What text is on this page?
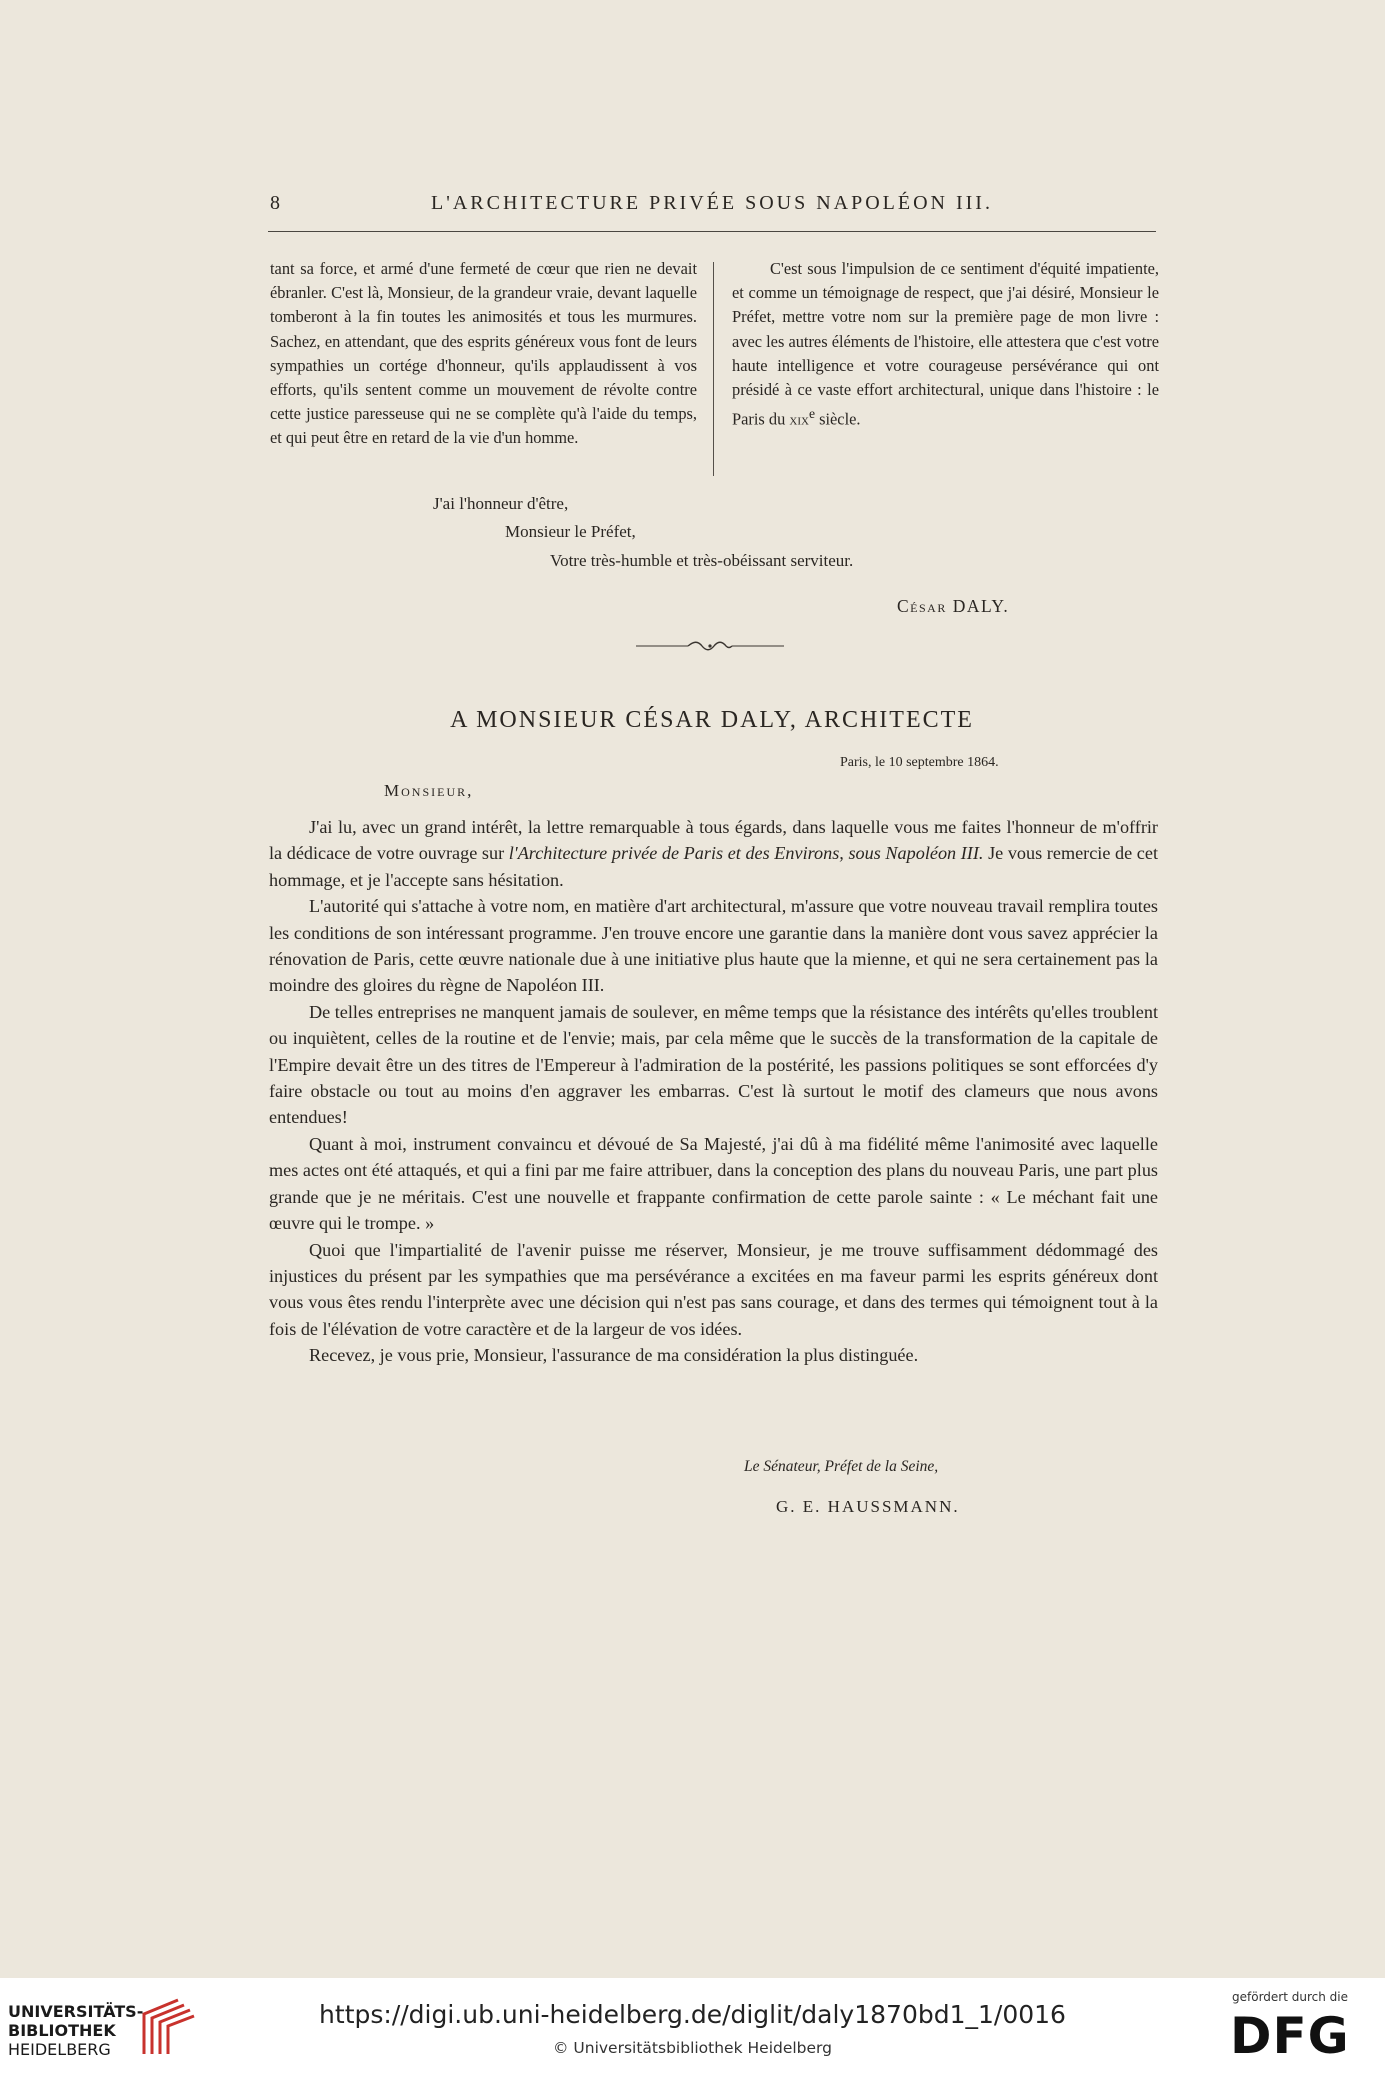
8	L'ARCHITECTURE PRIVÉE SOUS NAPOLÉON III.

tant sa force, et armé d'une fermeté de cœur que rien ne devait ébranler. C'est là, Monsieur, de la grandeur vraie, devant laquelle tomberont à la fin toutes les animosités et tous les murmures. Sachez, en attendant, que des esprits généreux vous font de leurs sympathies un cortége d'honneur, qu'ils applaudissent à vos efforts, qu'ils sentent comme un mouvement de révolte contre cette justice paresseuse qui ne se complète qu'à l'aide du temps, et qui peut être en retard de la vie d'un homme.

C'est sous l'impulsion de ce sentiment d'équité impatiente, et comme un témoignage de respect, que j'ai désiré, Monsieur le Préfet, mettre votre nom sur la première page de mon livre : avec les autres éléments de l'histoire, elle attestera que c'est votre haute intelligence et votre courageuse persévérance qui ont présidé à ce vaste effort architectural, unique dans l'histoire : le Paris du xix$^e$ siècle.

J'ai l'honneur d'être,
Monsieur le Préfet,
Votre très-humble et très-obéissant serviteur.
César DALY.
A MONSIEUR CÉSAR DALY, ARCHITECTE
Paris, le 10 septembre 1864.
Monsieur,

J'ai lu, avec un grand intérêt, la lettre remarquable à tous égards, dans laquelle vous me faites l'honneur de m'offrir la dédicace de votre ouvrage sur l'Architecture privée de Paris et des Environs, sous Napoléon III. Je vous remercie de cet hommage, et je l'accepte sans hésitation.

L'autorité qui s'attache à votre nom, en matière d'art architectural, m'assure que votre nouveau travail remplira toutes les conditions de son intéressant programme. J'en trouve encore une garantie dans la manière dont vous savez apprécier la rénovation de Paris, cette œuvre nationale due à une initiative plus haute que la mienne, et qui ne sera certainement pas la moindre des gloires du règne de Napoléon III.

De telles entreprises ne manquent jamais de soulever, en même temps que la résistance des intérêts qu'elles troublent ou inquiètent, celles de la routine et de l'envie; mais, par cela même que le succès de la transformation de la capitale de l'Empire devait être un des titres de l'Empereur à l'admiration de la postérité, les passions politiques se sont efforcées d'y faire obstacle ou tout au moins d'en aggraver les embarras. C'est là surtout le motif des clameurs que nous avons entendues!

Quant à moi, instrument convaincu et dévoué de Sa Majesté, j'ai dû à ma fidélité même l'animosité avec laquelle mes actes ont été attaqués, et qui a fini par me faire attribuer, dans la conception des plans du nouveau Paris, une part plus grande que je ne méritais. C'est une nouvelle et frappante confirmation de cette parole sainte : « Le méchant fait une œuvre qui le trompe. »

Quoi que l'impartialité de l'avenir puisse me réserver, Monsieur, je me trouve suffisamment dédommagé des injustices du présent par les sympathies que ma persévérance a excitées en ma faveur parmi les esprits généreux dont vous vous êtes rendu l'interprète avec une décision qui n'est pas sans courage, et dans des termes qui témoignent tout à la fois de l'élévation de votre caractère et de la largeur de vos idées.

Recevez, je vous prie, Monsieur, l'assurance de ma considération la plus distinguée.

Le Sénateur, Préfet de la Seine,
G. E. HAUSSMANN.
UNIVERSITÄTS-
BIBLIOTHEK
HEIDELBERG
https://digi.ub.uni-heidelberg.de/diglit/daly1870bd1_1/0016
© Universitätsbibliothek Heidelberg
gefördert durch die
DFG
